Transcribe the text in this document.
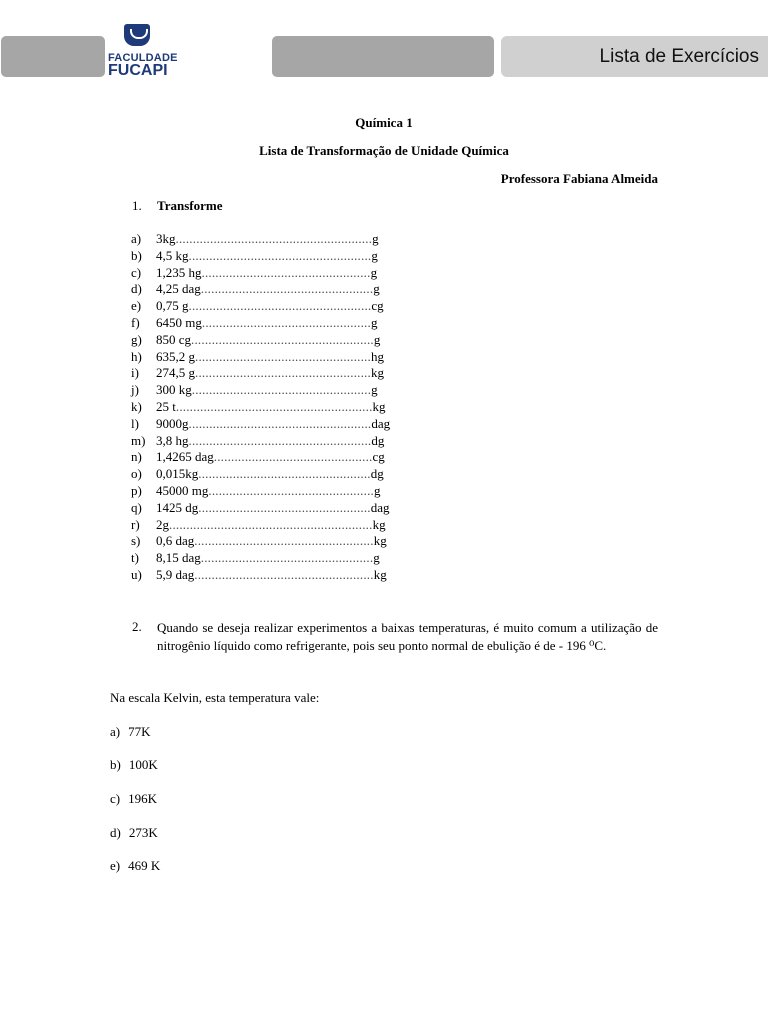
Lista de Exercícios
FACULDADE
FUCAPI
Química 1
Lista de Transformação de Unidade Química
Professora Fabiana Almeida
1. Transforme
a) 3kg.........................................................g
b) 4,5 kg.....................................................g
c) 1,235 hg.................................................g
d) 4,25 dag..................................................g
e) 0,75 g.....................................................cg
f) 6450 mg.................................................g
g) 850 cg.....................................................g
h) 635,2 g...................................................hg
i) 274,5 g...................................................kg
j) 300 kg....................................................g
k) 25 t.........................................................kg
l) 9000g.....................................................dag
m) 3,8 hg.....................................................dg
n) 1,4265 dag..............................................cg
o) 0,015kg..................................................dg
p) 45000 mg................................................g
q) 1425 dg..................................................dag
r) 2g...........................................................kg
s) 0,6 dag....................................................kg
t) 8,15 dag..................................................g
u) 5,9 dag....................................................kg
2. Quando se deseja realizar experimentos a baixas temperaturas, é muito comum a utilização de nitrogênio líquido como refrigerante, pois seu ponto normal de ebulição é de - 196 ⁰C.
Na escala Kelvin, esta temperatura vale:
a) 77K
b) 100K
c) 196K
d) 273K
e) 469 K
